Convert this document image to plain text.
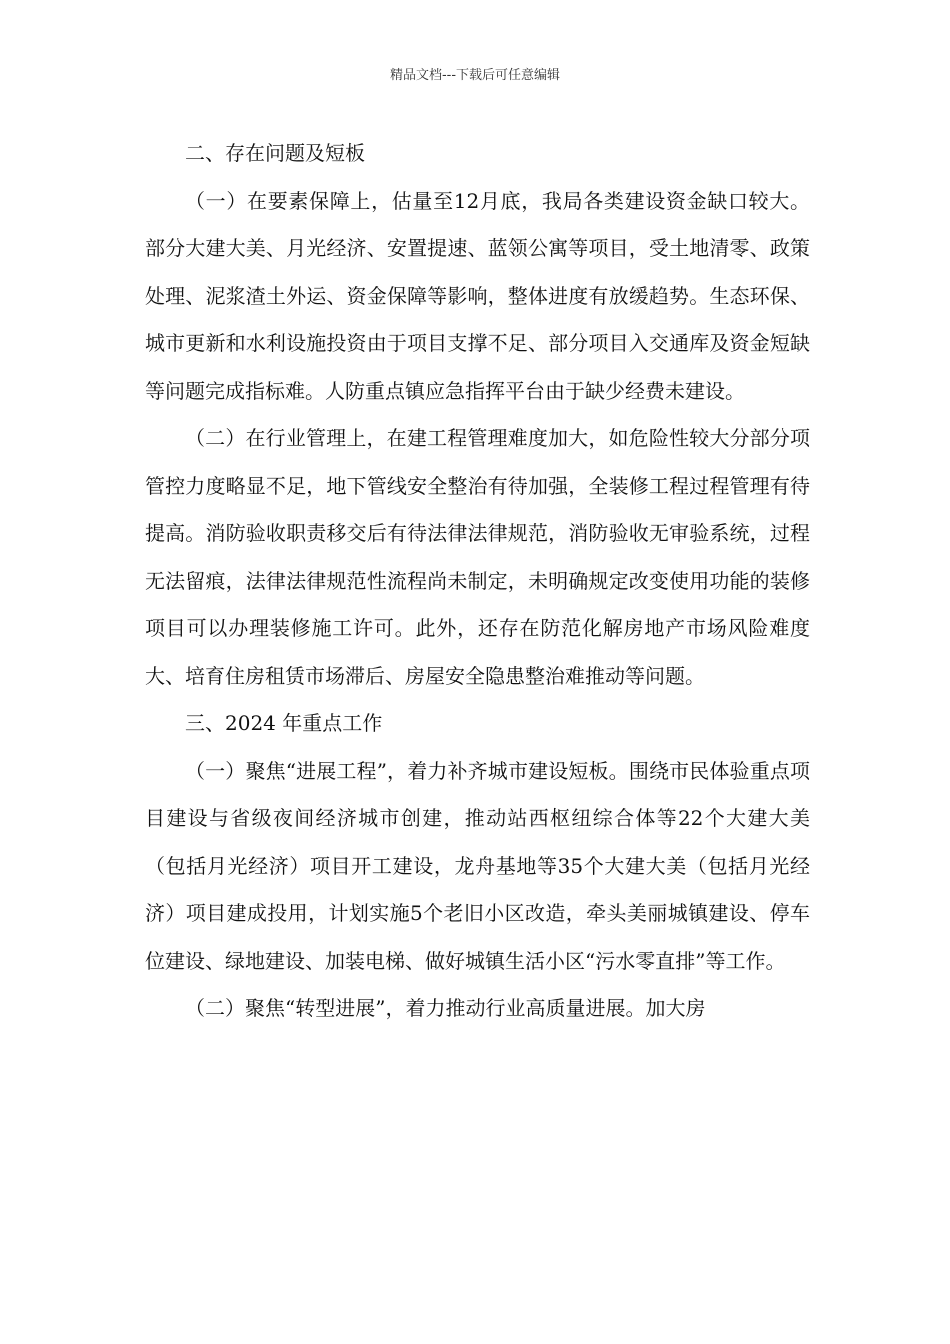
精品文档---下载后可任意编辑

二、存在问题及短板

（一）在要素保障上，估量至12月底，我局各类建设资金缺口较大。部分大建大美、月光经济、安置提速、蓝领公寓等项目，受土地清零、政策处理、泥浆渣土外运、资金保障等影响，整体进度有放缓趋势。生态环保、城市更新和水利设施投资由于项目支撑不足、部分项目入交通库及资金短缺等问题完成指标难。人防重点镇应急指挥平台由于缺少经费未建设。

（二）在行业管理上，在建工程管理难度加大，如危险性较大分部分项管控力度略显不足，地下管线安全整治有待加强，全装修工程过程管理有待提高。消防验收职责移交后有待法律法律规范，消防验收无审验系统，过程无法留痕，法律法律规范性流程尚未制定，未明确规定改变使用功能的装修项目可以办理装修施工许可。此外，还存在防范化解房地产市场风险难度大、培育住房租赁市场滞后、房屋安全隐患整治难推动等问题。

三、2024 年重点工作

（一）聚焦“进展工程”，着力补齐城市建设短板。围绕市民体验重点项目建设与省级夜间经济城市创建，推动站西枢纽综合体等22个大建大美（包括月光经济）项目开工建设，龙舟基地等35个大建大美（包括月光经济）项目建成投用，计划实施5个老旧小区改造，牵头美丽城镇建设、停车位建设、绿地建设、加装电梯、做好城镇生活小区“污水零直排”等工作。

（二）聚焦“转型进展”，着力推动行业高质量进展。加大房
